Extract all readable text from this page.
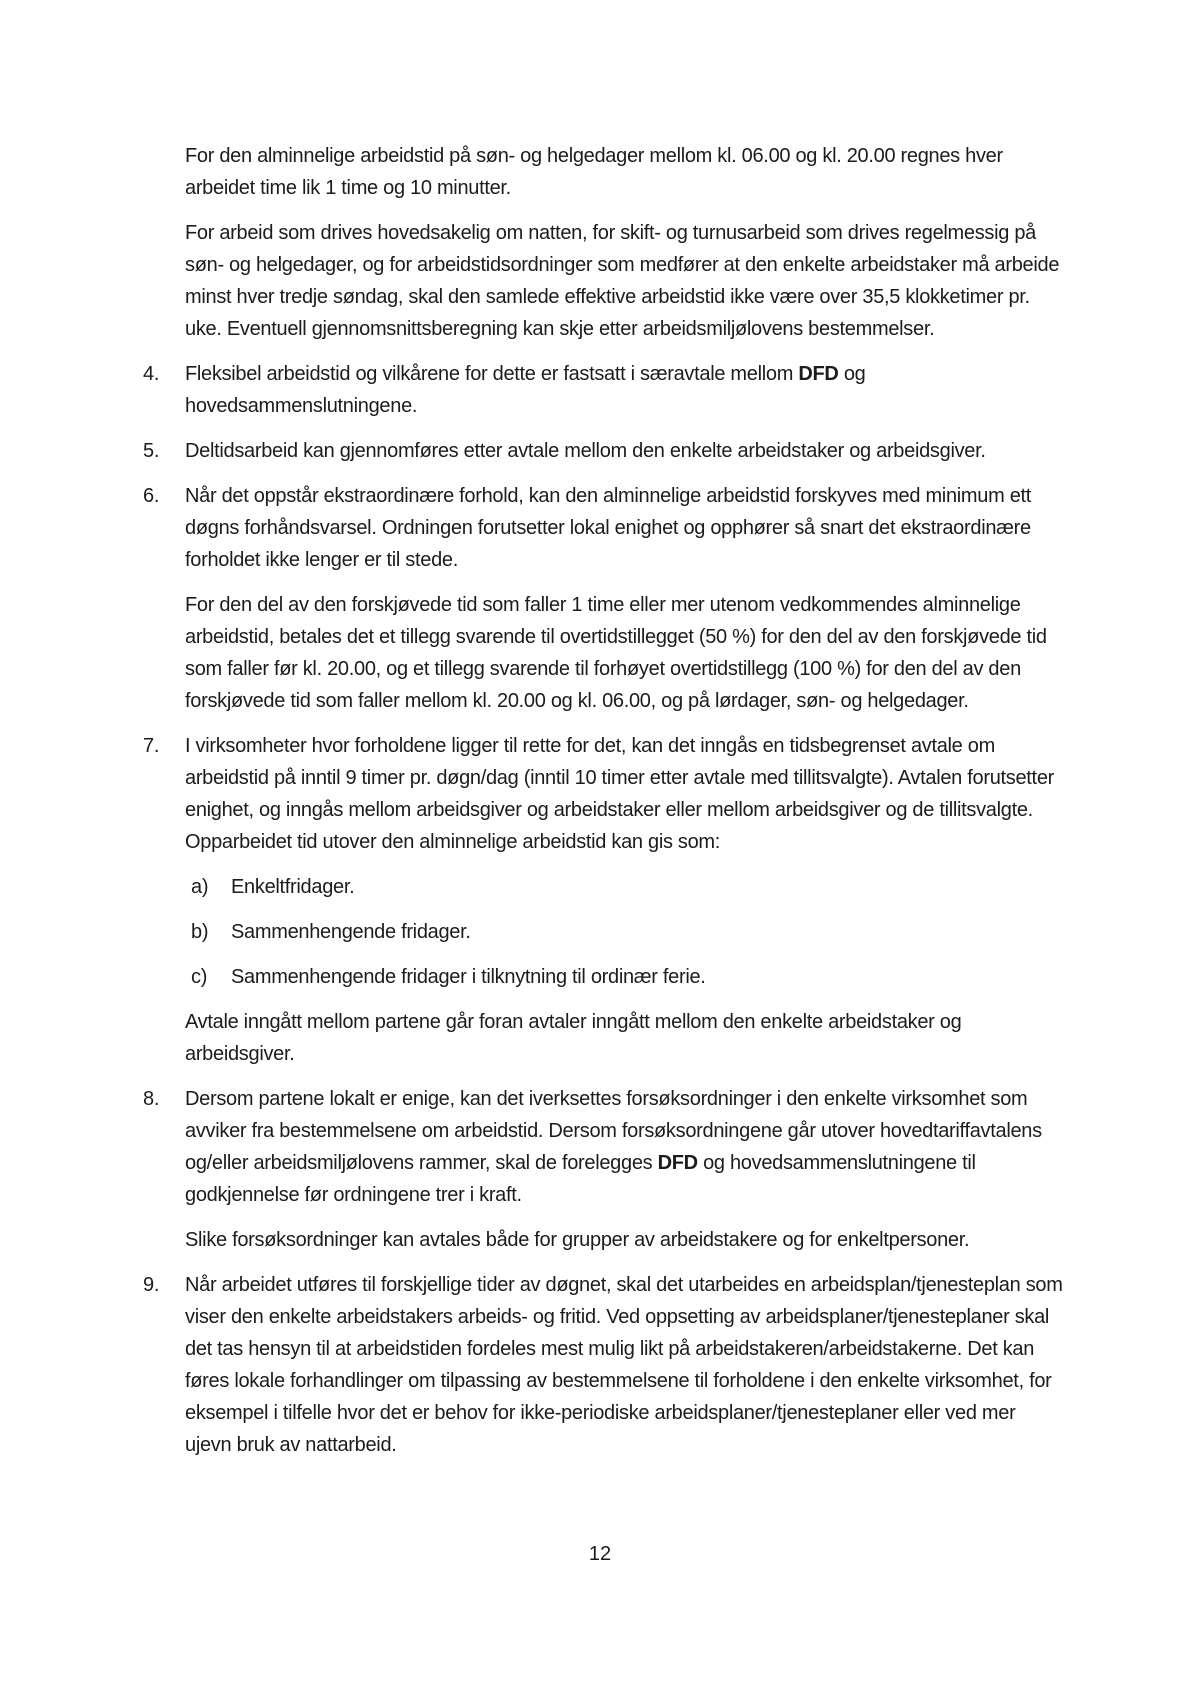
For den alminnelige arbeidstid på søn- og helgedager mellom kl. 06.00 og kl. 20.00 regnes hver arbeidet time lik 1 time og 10 minutter.

For arbeid som drives hovedsakelig om natten, for skift- og turnusarbeid som drives regelmessig på søn- og helgedager, og for arbeidstidsordninger som medfører at den enkelte arbeidstaker må arbeide minst hver tredje søndag, skal den samlede effektive arbeidstid ikke være over 35,5 klokketimer pr. uke. Eventuell gjennomsnittsberegning kan skje etter arbeidsmiljølovens bestemmelser.

4.	Fleksibel arbeidstid og vilkårene for dette er fastsatt i særavtale mellom DFD og hovedsammenslutningene.

5.	Deltidsarbeid kan gjennomføres etter avtale mellom den enkelte arbeidstaker og arbeidsgiver.

6.	Når det oppstår ekstraordinære forhold, kan den alminnelige arbeidstid forskyves med minimum ett døgns forhåndsvarsel. Ordningen forutsetter lokal enighet og opphører så snart det ekstraordinære forholdet ikke lenger er til stede.

For den del av den forskjøvede tid som faller 1 time eller mer utenom vedkommendes alminnelige arbeidstid, betales det et tillegg svarende til overtidstillegget (50 %) for den del av den forskjøvede tid som faller før kl. 20.00, og et tillegg svarende til forhøyet overtidstillegg (100 %) for den del av den forskjøvede tid som faller mellom kl. 20.00 og kl. 06.00, og på lørdager, søn- og helgedager.

7.	I virksomheter hvor forholdene ligger til rette for det, kan det inngås en tidsbegrenset avtale om arbeidstid på inntil 9 timer pr. døgn/dag (inntil 10 timer etter avtale med tillitsvalgte). Avtalen forutsetter enighet, og inngås mellom arbeidsgiver og arbeidstaker eller mellom arbeidsgiver og de tillitsvalgte. Opparbeidet tid utover den alminnelige arbeidstid kan gis som:

a)	Enkeltfridager.
b)	Sammenhengende fridager.
c)	Sammenhengende fridager i tilknytning til ordinær ferie.

Avtale inngått mellom partene går foran avtaler inngått mellom den enkelte arbeidstaker og arbeidsgiver.

8.	Dersom partene lokalt er enige, kan det iverksettes forsøksordninger i den enkelte virksomhet som avviker fra bestemmelsene om arbeidstid. Dersom forsøksordningene går utover hovedtariffavtalens og/eller arbeidsmiljølovens rammer, skal de forelegges DFD og hovedsammenslutningene til godkjennelse før ordningene trer i kraft.

Slike forsøksordninger kan avtales både for grupper av arbeidstakere og for enkeltpersoner.

9.	Når arbeidet utføres til forskjellige tider av døgnet, skal det utarbeides en arbeidsplan/tjenesteplan som viser den enkelte arbeidstakers arbeids- og fritid. Ved oppsetting av arbeidsplaner/tjenesteplaner skal det tas hensyn til at arbeidstiden fordeles mest mulig likt på arbeidstakeren/arbeidstakerne. Det kan føres lokale forhandlinger om tilpassing av bestemmelsene til forholdene i den enkelte virksomhet, for eksempel i tilfelle hvor det er behov for ikke-periodiske arbeidsplaner/tjenesteplaner eller ved mer ujevn bruk av nattarbeid.

12
